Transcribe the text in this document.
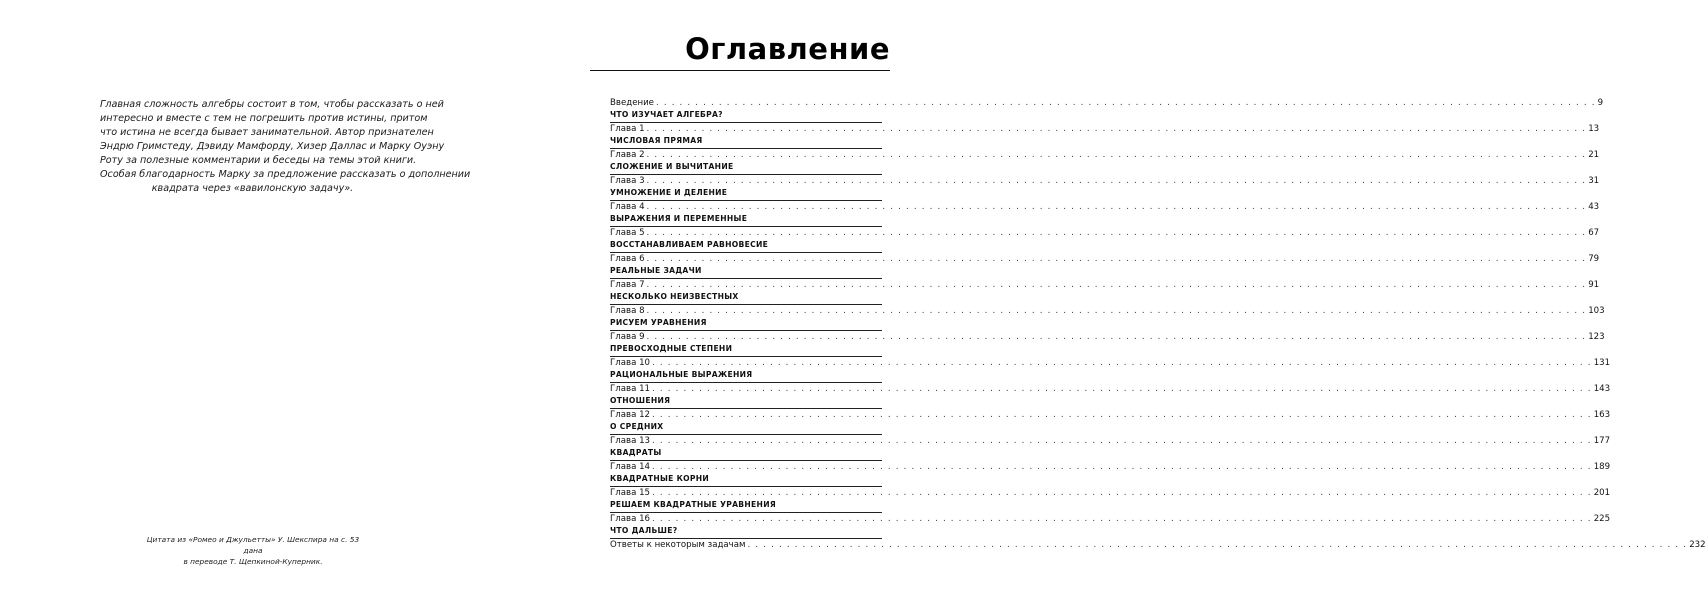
Главная сложность алгебры состоит в том, чтобы рассказать о ней
интересно и вместе с тем не погрешить против истины, притом
что истина не всегда бывает занимательной. Автор признателен
Эндрю Гримстеду, Дэвиду Мамфорду, Хизер Даллас и Марку Оуэну
Роту за полезные комментарии и беседы на темы этой книги.
Особая благодарность Марку за предложение рассказать о дополнении
квадрата через «вавилонскую задачу».
Цитата из «Ромео и Джульетты» У. Шекспира на с. 53 дана
в переводе Т. Щепкиной-Куперник.
Оглавление
Введение . . . . . . . . . . . . . . . . . . . . . . . . . . . . . . . . . . . . . . . . . . . . . . . . . . . . . . . . . . . . . . . . . . . . . . . . . . . . . . . . . . . . . . . . . . . . . . . . . . . . . . . . . . . . . . . . . . . . . . . . 9
ЧТО ИЗУЧАЕТ АЛГЕБРА?
Глава 1 . . . . . . . . . . . . . . . . . . . . . . . . . . . . . . . . . . . . . . . . . . . . . . . . . . . . . . . . . . . . . . . . . . . . . . . . . . . . . . . . . . . . . . . . . . . . . . . . . . . . . . . . . . . . . . . . . . . . . . . . 13
ЧИСЛОВАЯ ПРЯМАЯ
Глава 2 . . . . . . . . . . . . . . . . . . . . . . . . . . . . . . . . . . . . . . . . . . . . . . . . . . . . . . . . . . . . . . . . . . . . . . . . . . . . . . . . . . . . . . . . . . . . . . . . . . . . . . . . . . . . . . . . . . . . . . . . 21
СЛОЖЕНИЕ И ВЫЧИТАНИЕ
Глава 3 . . . . . . . . . . . . . . . . . . . . . . . . . . . . . . . . . . . . . . . . . . . . . . . . . . . . . . . . . . . . . . . . . . . . . . . . . . . . . . . . . . . . . . . . . . . . . . . . . . . . . . . . . . . . . . . . . . . . . . . . 31
УМНОЖЕНИЕ И ДЕЛЕНИЕ
Глава 4 . . . . . . . . . . . . . . . . . . . . . . . . . . . . . . . . . . . . . . . . . . . . . . . . . . . . . . . . . . . . . . . . . . . . . . . . . . . . . . . . . . . . . . . . . . . . . . . . . . . . . . . . . . . . . . . . . . . . . . . . 43
ВЫРАЖЕНИЯ И ПЕРЕМЕННЫЕ
Глава 5 . . . . . . . . . . . . . . . . . . . . . . . . . . . . . . . . . . . . . . . . . . . . . . . . . . . . . . . . . . . . . . . . . . . . . . . . . . . . . . . . . . . . . . . . . . . . . . . . . . . . . . . . . . . . . . . . . . . . . . . . 67
ВОССТАНАВЛИВАЕМ РАВНОВЕСИЕ
Глава 6 . . . . . . . . . . . . . . . . . . . . . . . . . . . . . . . . . . . . . . . . . . . . . . . . . . . . . . . . . . . . . . . . . . . . . . . . . . . . . . . . . . . . . . . . . . . . . . . . . . . . . . . . . . . . . . . . . . . . . . . . 79
РЕАЛЬНЫЕ ЗАДАЧИ
Глава 7 . . . . . . . . . . . . . . . . . . . . . . . . . . . . . . . . . . . . . . . . . . . . . . . . . . . . . . . . . . . . . . . . . . . . . . . . . . . . . . . . . . . . . . . . . . . . . . . . . . . . . . . . . . . . . . . . . . . . . . . . 91
НЕСКОЛЬКО НЕИЗВЕСТНЫХ
Глава 8 . . . . . . . . . . . . . . . . . . . . . . . . . . . . . . . . . . . . . . . . . . . . . . . . . . . . . . . . . . . . . . . . . . . . . . . . . . . . . . . . . . . . . . . . . . . . . . . . . . . . . . . . . . . . . . . . . . . . . . . . 103
РИСУЕМ УРАВНЕНИЯ
Глава 9 . . . . . . . . . . . . . . . . . . . . . . . . . . . . . . . . . . . . . . . . . . . . . . . . . . . . . . . . . . . . . . . . . . . . . . . . . . . . . . . . . . . . . . . . . . . . . . . . . . . . . . . . . . . . . . . . . . . . . . . . 123
ПРЕВОСХОДНЫЕ СТЕПЕНИ
Глава 10 . . . . . . . . . . . . . . . . . . . . . . . . . . . . . . . . . . . . . . . . . . . . . . . . . . . . . . . . . . . . . . . . . . . . . . . . . . . . . . . . . . . . . . . . . . . . . . . . . . . . . . . . . . . . . . . . . . . . . . . . 131
РАЦИОНАЛЬНЫЕ ВЫРАЖЕНИЯ
Глава 11 . . . . . . . . . . . . . . . . . . . . . . . . . . . . . . . . . . . . . . . . . . . . . . . . . . . . . . . . . . . . . . . . . . . . . . . . . . . . . . . . . . . . . . . . . . . . . . . . . . . . . . . . . . . . . . . . . . . . . . . . 143
ОТНОШЕНИЯ
Глава 12 . . . . . . . . . . . . . . . . . . . . . . . . . . . . . . . . . . . . . . . . . . . . . . . . . . . . . . . . . . . . . . . . . . . . . . . . . . . . . . . . . . . . . . . . . . . . . . . . . . . . . . . . . . . . . . . . . . . . . . . . 163
О СРЕДНИХ
Глава 13 . . . . . . . . . . . . . . . . . . . . . . . . . . . . . . . . . . . . . . . . . . . . . . . . . . . . . . . . . . . . . . . . . . . . . . . . . . . . . . . . . . . . . . . . . . . . . . . . . . . . . . . . . . . . . . . . . . . . . . . . 177
КВАДРАТЫ
Глава 14 . . . . . . . . . . . . . . . . . . . . . . . . . . . . . . . . . . . . . . . . . . . . . . . . . . . . . . . . . . . . . . . . . . . . . . . . . . . . . . . . . . . . . . . . . . . . . . . . . . . . . . . . . . . . . . . . . . . . . . . . 189
КВАДРАТНЫЕ КОРНИ
Глава 15 . . . . . . . . . . . . . . . . . . . . . . . . . . . . . . . . . . . . . . . . . . . . . . . . . . . . . . . . . . . . . . . . . . . . . . . . . . . . . . . . . . . . . . . . . . . . . . . . . . . . . . . . . . . . . . . . . . . . . . . . 201
РЕШАЕМ КВАДРАТНЫЕ УРАВНЕНИЯ
Глава 16 . . . . . . . . . . . . . . . . . . . . . . . . . . . . . . . . . . . . . . . . . . . . . . . . . . . . . . . . . . . . . . . . . . . . . . . . . . . . . . . . . . . . . . . . . . . . . . . . . . . . . . . . . . . . . . . . . . . . . . . . 225
ЧТО ДАЛЬШЕ?
Ответы к некоторым задачам . . . . . . . . . . . . . . . . . . . . . . . . . . . . . . . . . . . . . . . . . . . . . . . . . . . . . . . . . . . . . . . . . . . . . . . . . . . . . . . . . . . . . . . . . . . . . . . . . . . . . . . . . . . . . . . . . . . . . . . . 232
